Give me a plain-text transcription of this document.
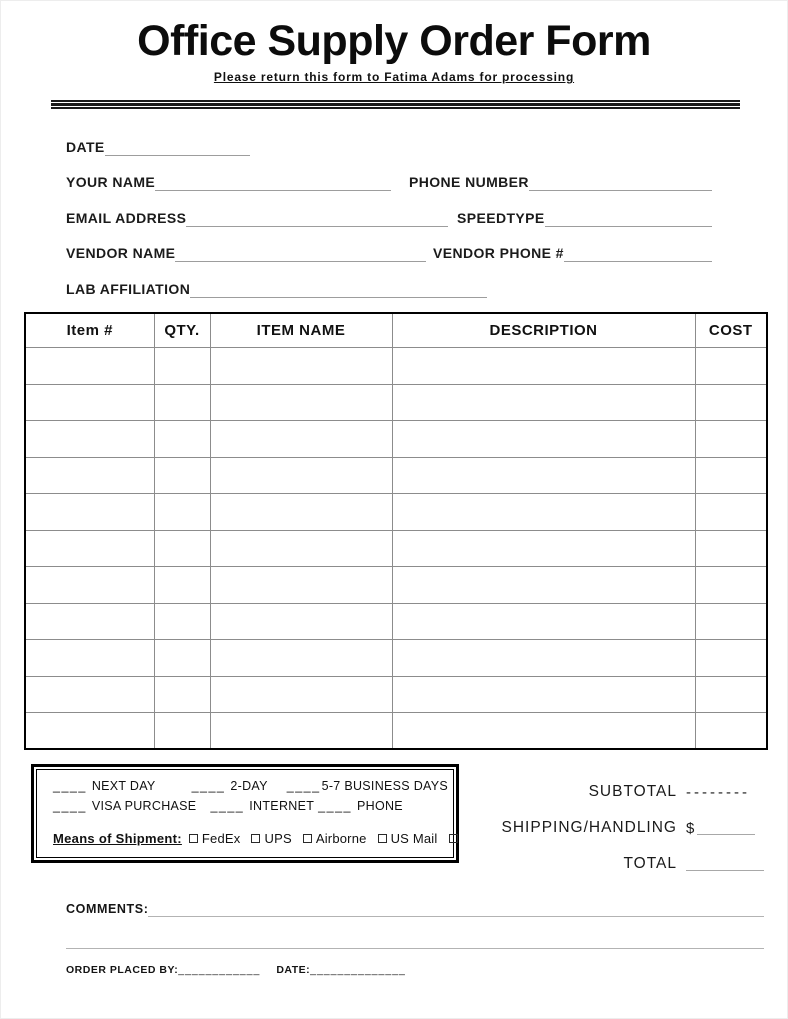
Office Supply Order Form
Please return this form to Fatima Adams for processing
DATE
YOUR NAME	PHONE NUMBER
EMAIL ADDRESS	SPEEDTYPE
VENDOR NAME	VENDOR PHONE #
LAB AFFILIATION
Item #	QTY.	ITEM NAME	DESCRIPTION	COST

____ NEXT DAY	____ 2-DAY ____5-7 BUSINESS DAYS
____ VISA PURCHASE ____ INTERNET ____ PHONE
Means of Shipment: FedEx UPS Airborne US Mail
SUBTOTAL --------
SHIPPING/HANDLING $
TOTAL
COMMENTS:
ORDER PLACED BY: ____________ DATE: ______________
